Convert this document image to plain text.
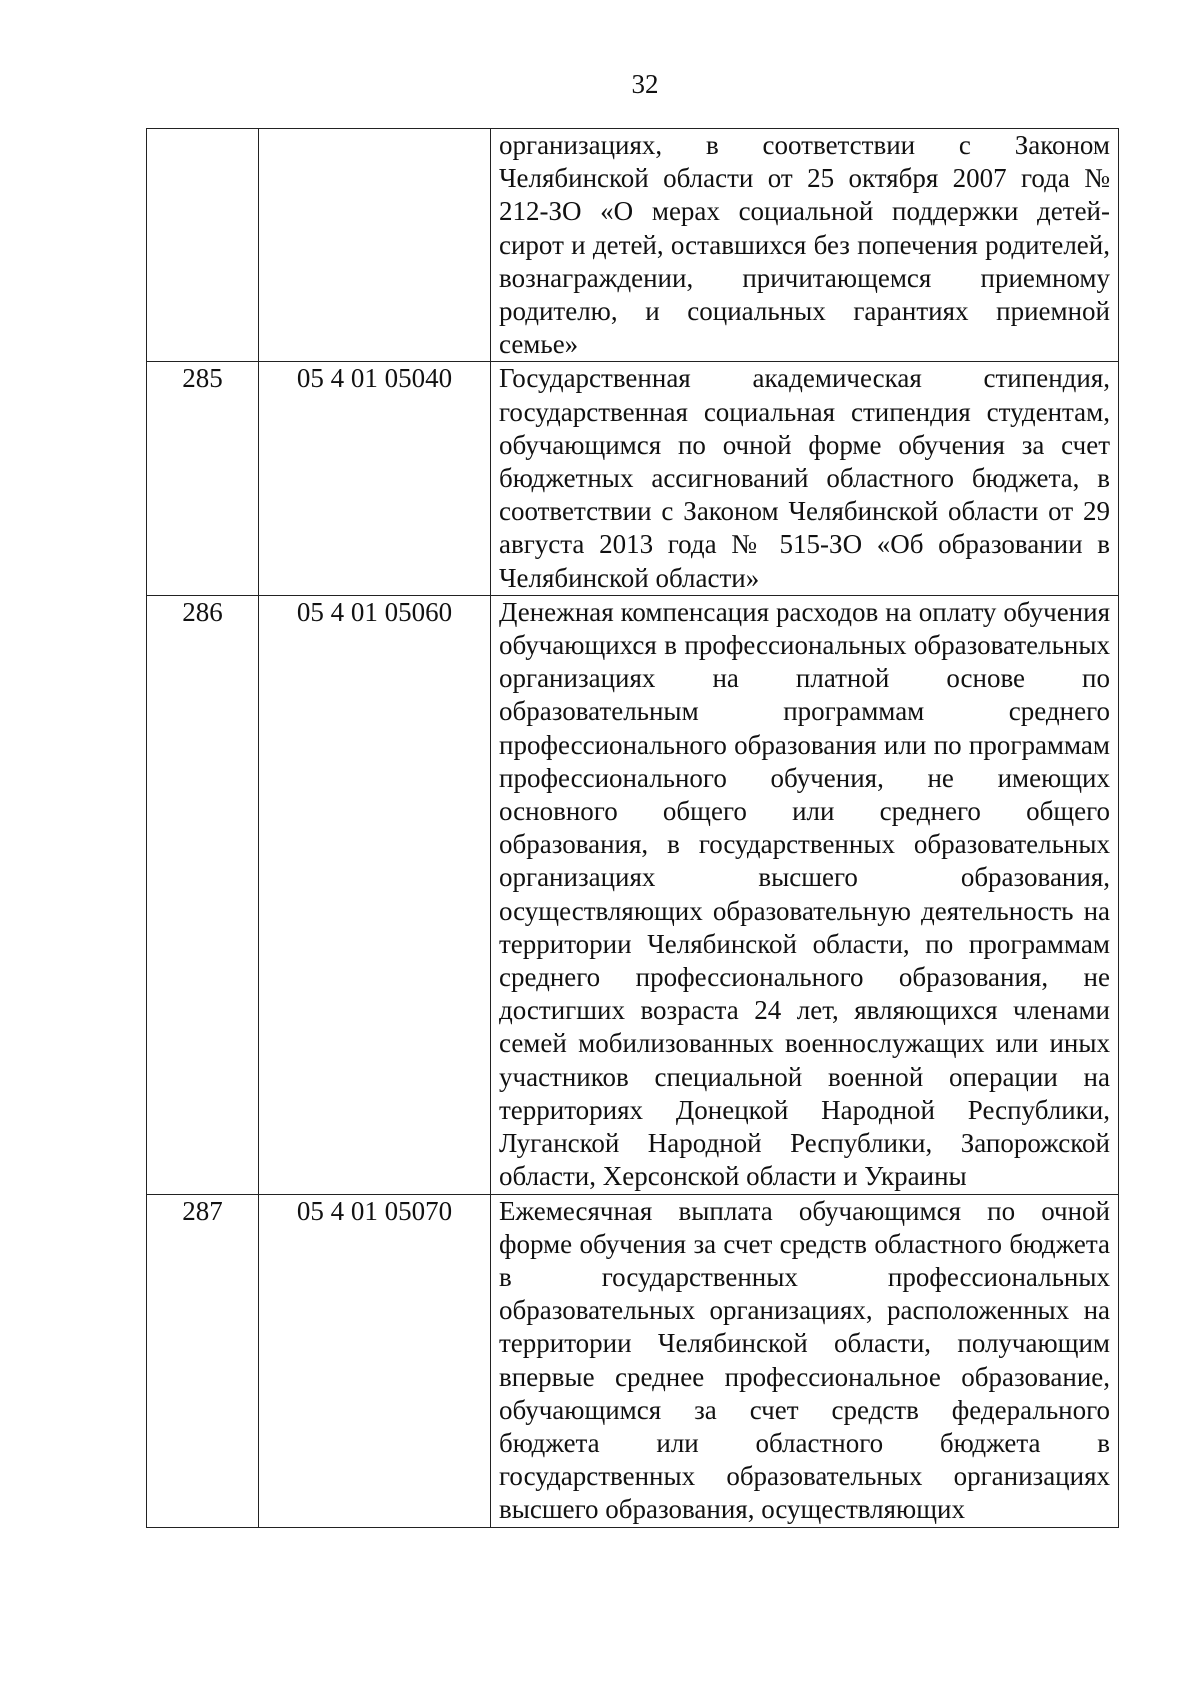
32

		организациях, в соответствии с Законом Челябинской области от 25 октября 2007 года № 212-ЗО «О мерах социальной поддержки детей-сирот и детей, оставшихся без попечения родителей, вознаграждении, причитающемся приемному родителю, и социальных гарантиях приемной семье»

285	05 4 01 05040	Государственная академическая стипендия, государственная социальная стипендия студентам, обучающимся по очной форме обучения за счет бюджетных ассигнований областного бюджета, в соответствии с Законом Челябинской области от 29 августа 2013 года № 515-ЗО «Об образовании в Челябинской области»

286	05 4 01 05060	Денежная компенсация расходов на оплату обучения обучающихся в профессиональных образовательных организациях на платной основе по образовательным программам среднего профессионального образования или по программам профессионального обучения, не имеющих основного общего или среднего общего образования, в государственных образовательных организациях высшего образования, осуществляющих образовательную деятельность на территории Челябинской области, по программам среднего профессионального образования, не достигших возраста 24 лет, являющихся членами семей мобилизованных военнослужащих или иных участников специальной военной операции на территориях Донецкой Народной Республики, Луганской Народной Республики, Запорожской области, Херсонской области и Украины

287	05 4 01 05070	Ежемесячная выплата обучающимся по очной форме обучения за счет средств областного бюджета в государственных профессиональных образовательных организациях, расположенных на территории Челябинской области, получающим впервые среднее профессиональное образование, обучающимся за счет средств федерального бюджета или областного бюджета в государственных образовательных организациях высшего образования, осуществляющих
